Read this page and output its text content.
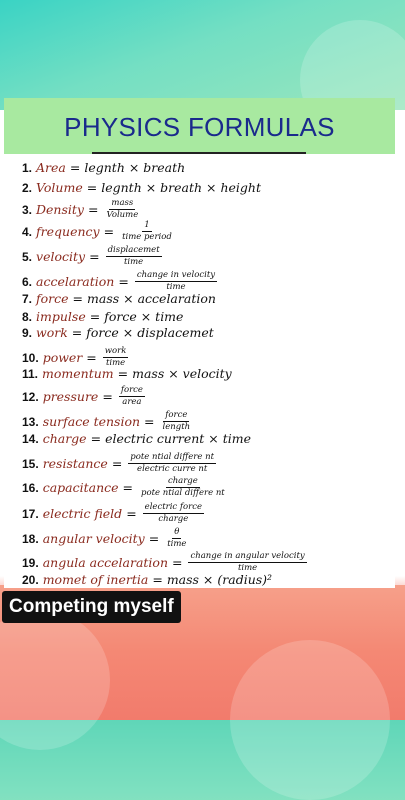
PHYSICS FORMULAS
1. Area = legnth × breath
2. Volume = legnth × breath × height
3. Density = $\frac{\text{mass}}{\text{Volume}}$
4. frequency = $\frac{1}{\text{time period}}$
5. velocity = $\frac{\text{displacemet}}{\text{time}}$
6. accelaration = $\frac{\text{change in velocity}}{\text{time}}$
7. force = mass × accelaration
8. impulse = force × time
9. work = force × displacemet
10. power = $\frac{\text{work}}{\text{time}}$
11. momentum = mass × velocity
12. pressure = $\frac{\text{force}}{\text{area}}$
13. surface tension = $\frac{\text{force}}{\text{length}}$
14. charge = electric current × time
15. resistance = $\frac{\text{pote ntial differe nt}}{\text{electric curre nt}}$
16. capacitance = $\frac{\text{charge}}{\text{pote ntial differe nt}}$
17. electric field = $\frac{\text{electric force}}{\text{charge}}$
18. angular velocity = $\frac{\theta}{\text{time}}$
19. angula accelaration = $\frac{\text{change in angular velocity}}{\text{time}}$
20. momet of inertia = mass × (radius)²
Competing myself
